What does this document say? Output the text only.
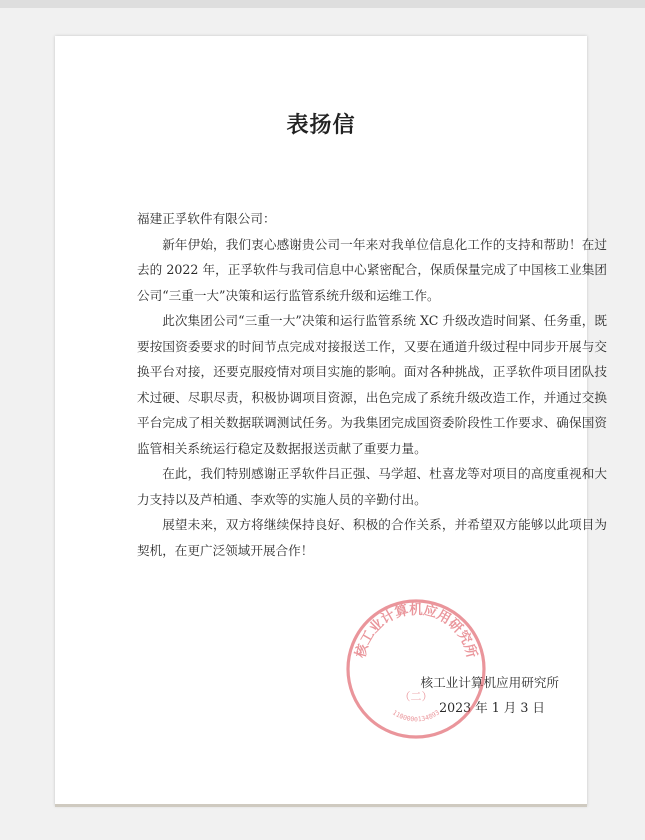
表扬信

福建正孚软件有限公司：

新年伊始，我们衷心感谢贵公司一年来对我单位信息化工作的支持和帮助！在过去的 2022 年，正孚软件与我司信息中心紧密配合，保质保量完成了中国核工业集团公司“三重一大”决策和运行监管系统升级和运维工作。

此次集团公司“三重一大”决策和运行监管系统 XC 升级改造时间紧、任务重，既要按国资委要求的时间节点完成对接报送工作，又要在通道升级过程中同步开展与交换平台对接，还要克服疫情对项目实施的影响。面对各种挑战，正孚软件项目团队技术过硬、尽职尽责，积极协调项目资源，出色完成了系统升级改造工作，并通过交换平台完成了相关数据联调测试任务。为我集团完成国资委阶段性工作要求、确保国资监管相关系统运行稳定及数据报送贡献了重要力量。

在此，我们特别感谢正孚软件吕正强、马学超、杜喜龙等对项目的高度重视和大力支持以及芦柏通、李欢等的实施人员的辛勤付出。

展望未来，双方将继续保持良好、积极的合作关系，并希望双方能够以此项目为契机，在更广泛领域开展合作！

核工业计算机应用研究所
2023 年 1 月 3 日
核工业计算机应用研究所
（二）
1100000134893
